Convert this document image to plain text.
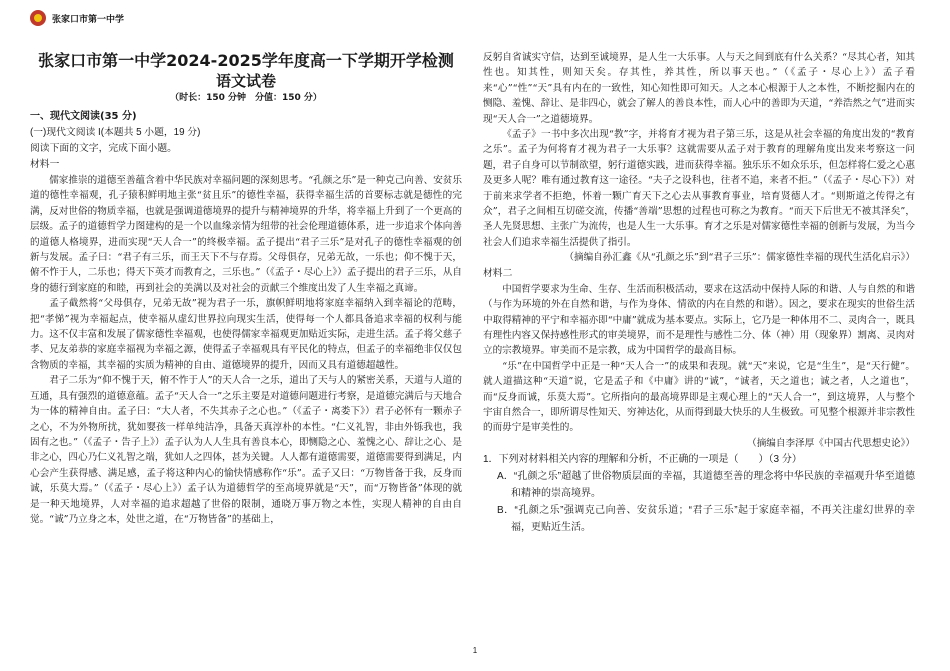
张家口市第一中学
张家口市第一中学2024-2025学年度高一下学期开学检测
语文试卷
（时长：150 分钟　分值：150 分）
一、现代文阅读(35 分)
(一)现代文阅读 I(本题共 5 小题，19 分)
阅读下面的文字，完成下面小题。
材料一

儒家推崇的道德至善蕴含着中华民族对幸福问题的深刻思考。“孔颜之乐”是一种克己向善、安贫乐道的德性幸福观，孔子猿积鲜明地主张“贫且乐”的德性幸福，获得幸福生活的首要标志就是德性的完满，反对世俗的物质幸福，也就是强调道德境界的提升与精神境界的升华，将幸福上升到了一个更高的层级。孟子的道德哲学力图建构的是一个以血缘亲情为纽带的社会伦理道德体系，进一步追求个体向善的道德人格境界，进而实现“天人合一”的终极幸福。孟子提出“君子三乐”是对孔子的德性幸福观的创新与发展。孟子曰：“君子有三乐，而王天下不与存焉。父母俱存，兄弟无故，一乐也；仰不愧于天，俯不怍于人，二乐也；得天下英才而教育之，三乐也。”（《孟子・尽心上》）孟子提出的君子三乐，从自身的德行到家庭的和睦，再到社会的美满以及对社会的贡献三个维度出发了人生幸福之真谛。

孟子截然将“父母俱存，兄弟无故”视为君子一乐，旗帜鲜明地将家庭幸福纳入到幸福论的范畴，把“孝悌”视为幸福起点，使幸福从虚幻世界拉向现实生活，使得每一个人都具备追求幸福的权利与能力。这不仅丰富和发展了儒家德性幸福观，也使得儒家幸福观更加贴近实际，走进生活。孟子将父慈子孝、兄友弟恭的家庭幸福视为幸福之源，使得孟子幸福观具有平民化的特点，但孟子的幸福绝非仅仅包含物质的幸福，其幸福的实质为精神的自由、道德境界的提升，因而又具有道德超越性。

君子二乐为“仰不愧于天，俯不怍于人”的天人合一之乐，道出了天与人的紧密关系，天道与人道的互通，具有强烈的道德意蕴。孟子“天人合一”之乐主要是对道德问题进行考察，是道德完满后与天地合为一体的精神自由。孟子曰：“大人者，不失其赤子之心也。”（《孟子・离娄下》）君子必怀有一颗赤子之心，不为外物所扰，犹如婴孩一样单纯洁净，具备天真淳朴的本性。“仁义礼智，非由外铄我也，我固有之也。”（《孟子・告子上》）孟子认为人人生具有善良本心，即恻隐之心、羞愧之心、辞让之心、是非之心，四心乃仁义礼智之端，犹如人之四体，甚为关键。人人都有道德需要，道德需要得到满足，内心会产生获得感、满足感，孟子将这种内心的愉快情感称作“乐”。孟子又曰：“万物皆备于我，反身而诚，乐莫大焉。”（《孟子・尽心上》）孟子认为道德哲学的至高境界就是“天”，而“万物皆备”体现的就是一种天地境界，人对幸福的追求超越了世俗的限制，通晓万事万物之本性，实现人精神的自由自觉。“诚”乃立身之本，处世之道，在“万物皆备”的基础上，

反躬自省诚实守信，达到至诚境界，是人生一大乐事。人与天之间到底有什么关系？“尽其心者，知其性也。知其性，则知天矣。存其性，养其性，所以事天也。”（《孟子・尽心上》）孟子看来“心”“性”“天”具有内在的一致性，知心知性即可知天。人之本心根源于人之本性，不断挖掘内在的恻隐、羞愧、辞让、是非四心，就会了解人的善良本性，而人心中的善即为天道，“养浩然之气”进而实现“天人合一”之道德境界。

《孟子》一书中多次出现“教”字，并将育才视为君子第三乐，这是从社会幸福的角度出发的“教育之乐”。孟子为何将育才视为君子一大乐事？这就需要从孟子对于教育的理解角度出发来考察这一问题，君子自身可以节制欲望，躬行道德实践，进而获得幸福。独乐乐不如众乐乐，但怎样将仁爱之心惠及更多人呢？唯有通过教育这一途径。“夫子之设科也，往者不追，来者不拒。”（《孟子・尽心下》）对于前来求学者不拒绝，怀着一颗广育天下之心去从事教育事业，培育贤德人才。“则斯道之传得之有众”，君子之间相互切磋交流，传播“善端”思想的过程也可称之为教育。“而天下后世无不被其泽矣”，圣人先贤思想、主张广为流传，也是人生一大乐事。育才之乐是对儒家德性幸福的创新与发展，为当今社会人们追求幸福生活提供了指引。

（摘编自孙汇鑫《从“孔颜之乐”到“君子三乐”：儒家德性幸福的现代生活化启示》）

材料二

中国哲学要求为生命、生存、生活而积极活动，要求在这活动中保持人际的和谐、人与自然的和谐（与作为环境的外在自然和谐，与作为身体、情欲的内在自然的和谐）。因之，要求在现实的世俗生活中取得精神的平宁和幸福亦即“中庸”就成为基本要点。实际上，它乃是一种体用不二、灵肉合一，既具有理性内容又保持感性形式的审美境界，而不是理性与感性二分、体（神）用（现象界）割离、灵肉对立的宗教境界。审美而不是宗教，成为中国哲学的最高目标。

“乐”在中国哲学中正是一种“天人合一”的成果和表现。就“天”来说，它是“生生”，是“天行健”。就人道描这种“天道”说，它是孟子和《中庸》讲的“诚”，“诚者，天之道也；诚之者，人之道也”，而“反身而诚，乐莫大焉”。它所指向的最高境界即是主观心理上的“天人合一”，到这境界，人与整个宇宙自然合一，即所谓尽性知天、穷神达化，从而得到最大快乐的人生极致。可见整个根源并非宗教性的而毋宁是审美性的。

（摘编自李泽厚《中国古代思想史论》）

1．下列对材料相关内容的理解和分析，不正确的一项是（　　）（3 分）

A．“孔颜之乐”超越了世俗物质层面的幸福，其道德至善的理念将中华民族的幸福观升华至道德和精神的崇高境界。

B．“孔颜之乐”强调克己向善、安贫乐道；“君子三乐”起于家庭幸福，不再关注虚幻世界的幸福，更贴近生活。

1
